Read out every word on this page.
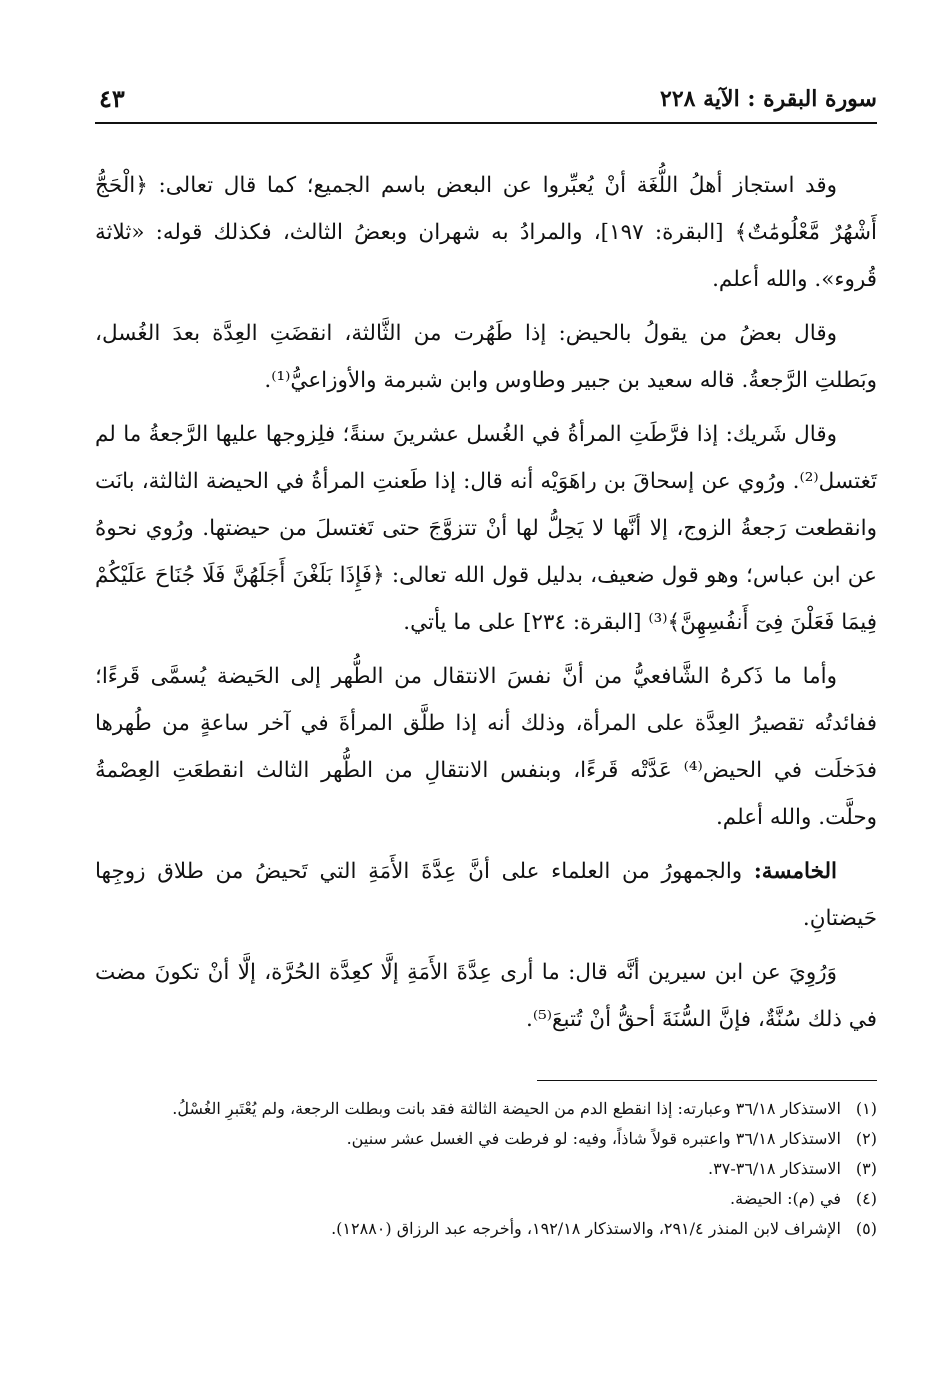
سورة البقرة : الآية ٢٢٨
٤٣

وقد استجاز أهلُ اللُّغَة أنْ يُعبِّروا عن البعض باسم الجميع؛ كما قال تعالى: ﴿الْحَجُّ أَشْهُرٌ مَّعْلُومَٰتٌ﴾ [البقرة: ١٩٧]، والمرادُ به شهران وبعضُ الثالث، فكذلك قوله: «ثلاثة قُروء». والله أعلم.

وقال بعضُ من يقولُ بالحيض: إذا طَهُرت من الثَّالثة، انقضَتِ العِدَّة بعدَ الغُسل، وبَطلتِ الرَّجعةُ. قاله سعيد بن جبير وطاوس وابن شبرمة والأوزاعيُّ⁽¹⁾.

وقال شَريك: إذا فرَّطَتِ المرأةُ في الغُسل عشرينَ سنةً؛ فلِزوجها عليها الرَّجعةُ ما لم تَغتسل⁽²⁾. ورُوي عن إسحاقَ بن راهَوَيْه أنه قال: إذا طَعنتِ المرأةُ في الحيضة الثالثة، بانَت وانقطعت رَجعةُ الزوج، إلا أنَّها لا يَحِلُّ لها أنْ تتزوَّجَ حتى تَغتسلَ من حيضتها. ورُوي نحوهُ عن ابن عباس؛ وهو قول ضعيف، بدليل قول الله تعالى: ﴿فَإِذَا بَلَغْنَ أَجَلَهُنَّ فَلَا جُنَاحَ عَلَيْكُمْ فِيمَا فَعَلْنَ فِىٓ أَنفُسِهِنَّ﴾⁽³⁾ [البقرة: ٢٣٤] على ما يأتي.

وأما ما ذَكرهُ الشَّافعيُّ من أنَّ نفسَ الانتقال من الطُّهر إلى الحَيضة يُسمَّى قَرءًا؛ ففائدتُه تقصيرُ العِدَّة على المرأة، وذلك أنه إذا طلَّق المرأةَ في آخر ساعةٍ من طُهرها فدَخلَت في الحيض⁽⁴⁾ عَدَّتْه قَرءًا، وبنفس الانتقالِ من الطُّهر الثالث انقطعَتِ العِصْمةُ وحلَّت. والله أعلم.

الخامسة: والجمهورُ من العلماء على أنَّ عِدَّةَ الأَمَةِ التي تَحيضُ من طلاق زوجِها حَيضتانِ.

وَرُوِيَ عن ابن سيرين أنَّه قال: ما أرى عِدَّةَ الأَمَةِ إلَّا كعِدَّة الحُرَّة، إلَّا أنْ تكونَ مضت في ذلك سُنَّةٌ، فإنَّ السُّنَةَ أحقُّ أنْ تُتبعَ⁽⁵⁾.

(١)
الاستذكار ٣٦/١٨ وعبارته: إذا انقطع الدم من الحيضة الثالثة فقد بانت وبطلت الرجعة، ولم يُعْتَبرِ الغُسْلُ.
(٢)
الاستذكار ٣٦/١٨ واعتبره قولاً شاذاً، وفيه: لو فرطت في الغسل عشر سنين.
(٣)
الاستذكار ٣٦/١٨-٣٧.
(٤)
في (م): الحيضة.
(٥)
الإشراف لابن المنذر ٢٩١/٤، والاستذكار ١٩٢/١٨، وأخرجه عبد الرزاق (١٢٨٨٠).
